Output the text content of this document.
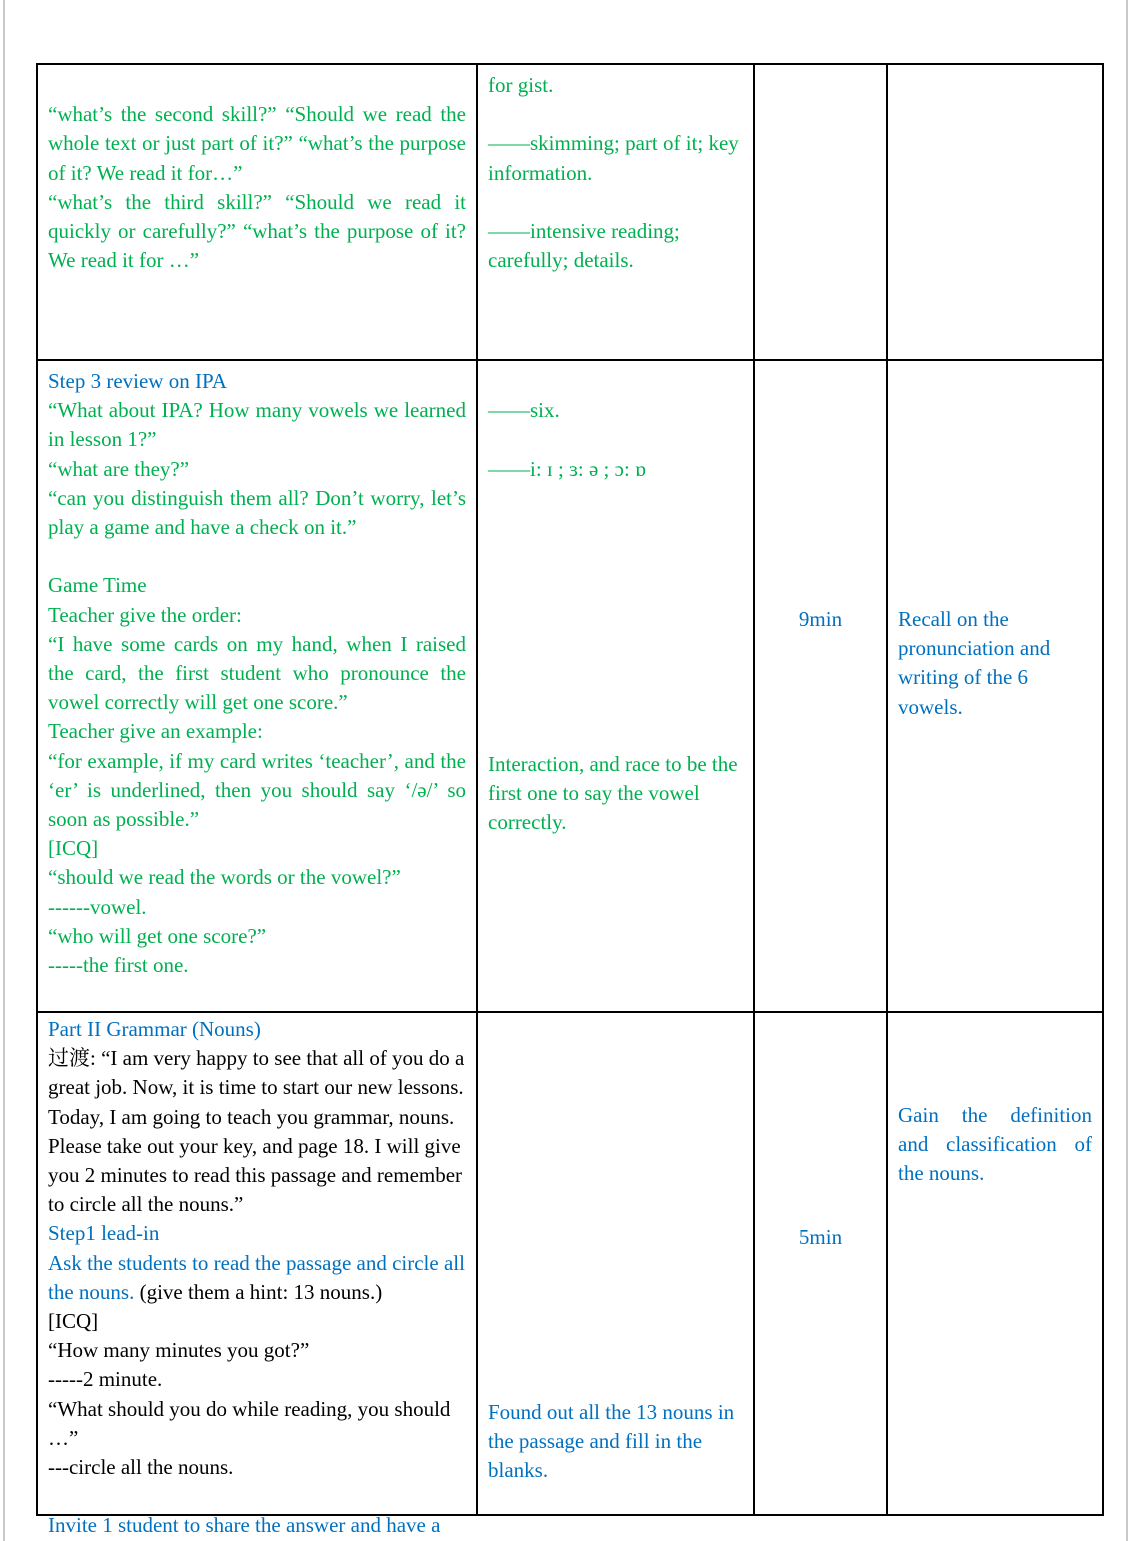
“what’s the second skill?” “Should we read the whole text or just part of it?” “what’s the purpose of it? We read it for…”
“what’s the third skill?” “Should we read it quickly or carefully?” “what’s the purpose of it? We read it for …”
for gist.
——skimming; part of it; key information.
——intensive reading; carefully; details.
Step 3 review on IPA
“What about IPA? How many vowels we learned in lesson 1?”
“what are they?”
“can you distinguish them all? Don’t worry, let’s play a game and have a check on it.”
Game Time
Teacher give the order:
“I have some cards on my hand, when I raised the card, the first student who pronounce the vowel correctly will get one score.”
Teacher give an example:
“for example, if my card writes ‘teacher’, and the ‘er’ is underlined, then you should say ‘/ə/’ so soon as possible.”
[ICQ]
“should we read the words or the vowel?”
------vowel.
“who will get one score?”
-----the first one.
——six.
——i: ɪ ; ɜ: ə ; ɔ: ɒ
Interaction, and race to be the first one to say the vowel correctly.
9min	Recall on the pronunciation and writing of the 6 vowels.
Part II Grammar (Nouns)
过渡: “I am very happy to see that all of you do a great job. Now, it is time to start our new lessons. Today, I am going to teach you grammar, nouns. Please take out your key, and page 18. I will give you 2 minutes to read this passage and remember to circle all the nouns.”
Step1 lead-in
Ask the students to read the passage and circle all the nouns. (give them a hint: 13 nouns.)
[ICQ]
“How many minutes you got?”
-----2 minute.
“What should you do while reading, you should …”
---circle all the nouns.
Invite 1 student to share the answer and have a
Found out all the 13 nouns in the passage and fill in the blanks.
5min
Gain the definition and classification of the nouns.
